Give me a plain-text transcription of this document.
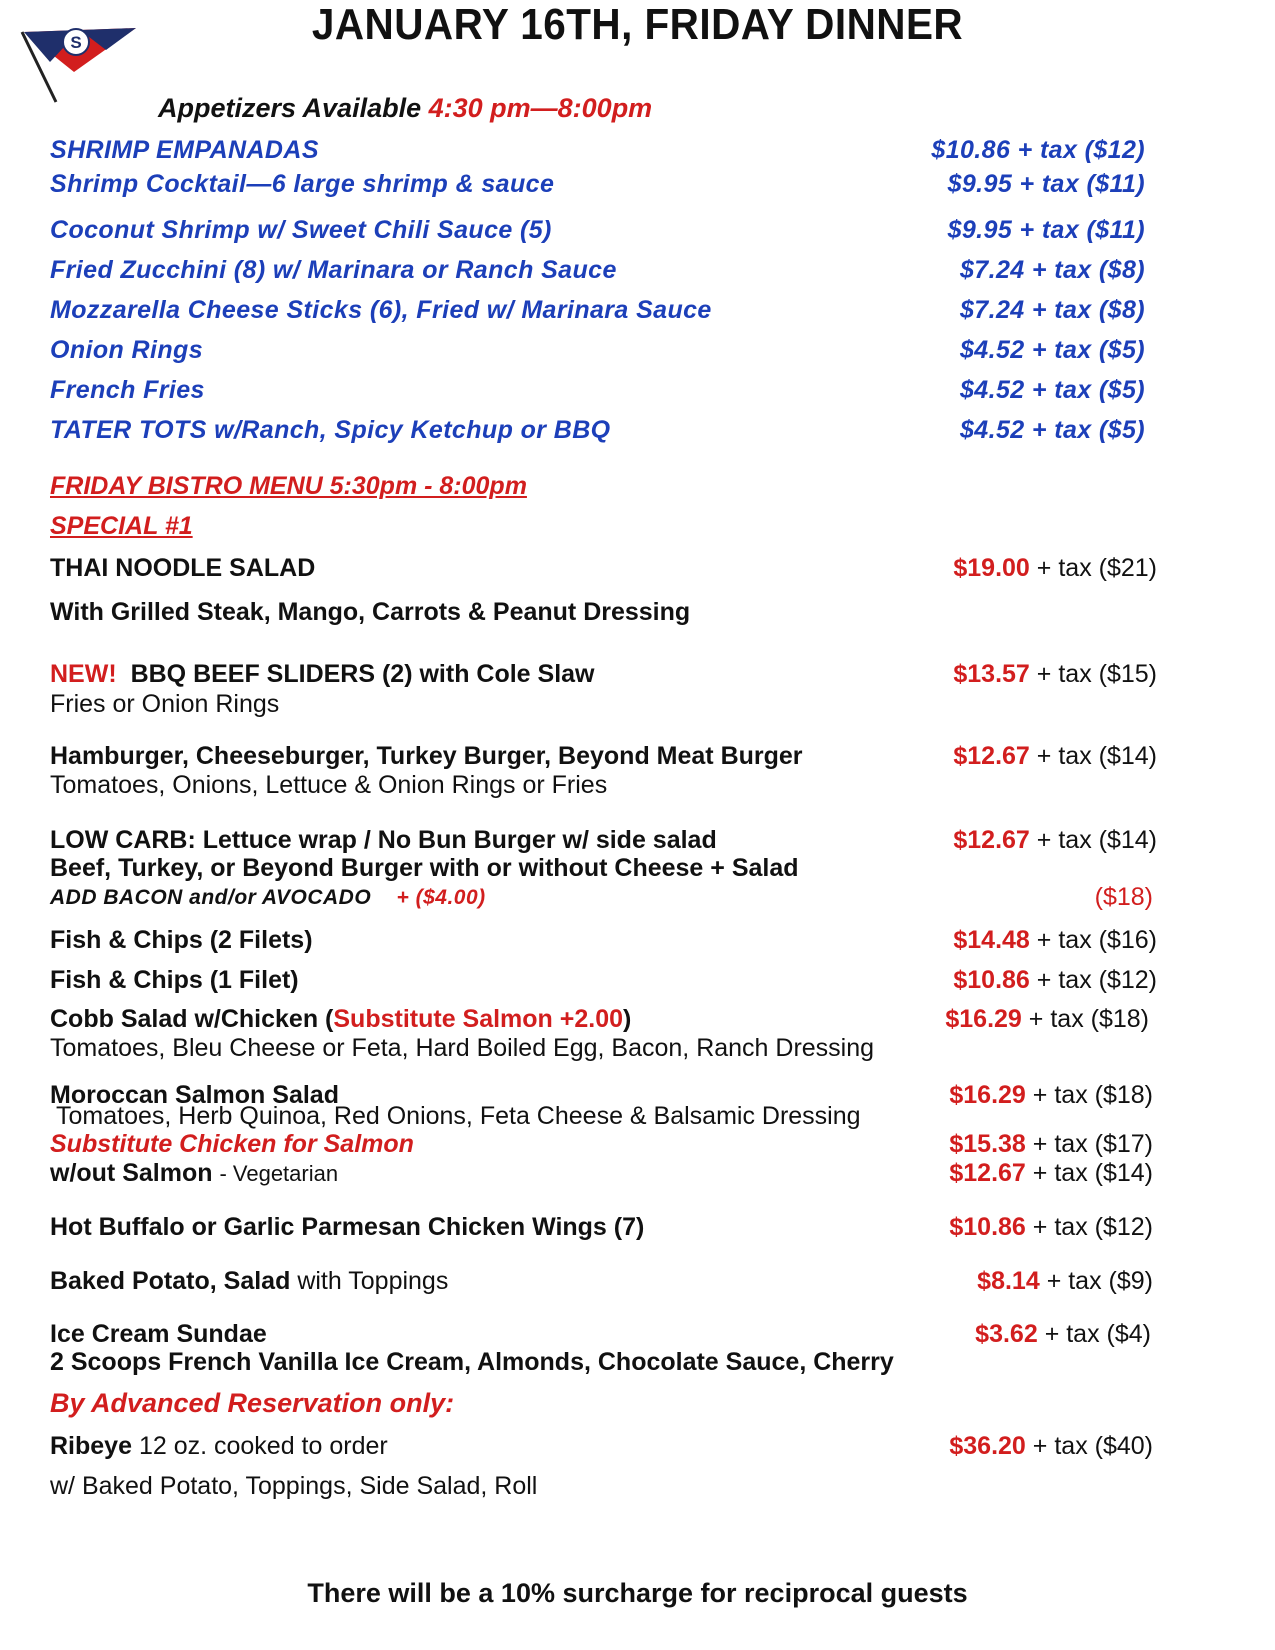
S	JANUARY 16TH, FRIDAY DINNER
Appetizers Available 4:30 pm—8:00pm
SHRIMP EMPANADAS	$10.86 + tax ($12)
Shrimp Cocktail—6 large shrimp & sauce	$9.95 + tax ($11)
Coconut Shrimp w/ Sweet Chili Sauce (5)	$9.95 + tax ($11)
Fried Zucchini (8) w/ Marinara or Ranch Sauce	$7.24 + tax ($8)
Mozzarella Cheese Sticks (6), Fried w/ Marinara Sauce	$7.24 + tax ($8)
Onion Rings	$4.52 + tax ($5)
French Fries	$4.52 + tax ($5)
TATER TOTS w/Ranch, Spicy Ketchup or BBQ	$4.52 + tax ($5)
FRIDAY BISTRO MENU 5:30pm - 8:00pm
SPECIAL #1
THAI NOODLE SALAD	$19.00 + tax ($21)
With Grilled Steak, Mango, Carrots & Peanut Dressing
NEW! BBQ BEEF SLIDERS (2) with Cole Slaw	$13.57 + tax ($15)
Fries or Onion Rings
Hamburger, Cheeseburger, Turkey Burger, Beyond Meat Burger	$12.67 + tax ($14)
Tomatoes, Onions, Lettuce & Onion Rings or Fries
LOW CARB: Lettuce wrap / No Bun Burger w/ side salad	$12.67 + tax ($14)
Beef, Turkey, or Beyond Burger with or without Cheese + Salad
ADD BACON and/or AVOCADO + ($4.00)	($18)
Fish & Chips (2 Filets)	$14.48 + tax ($16)
Fish & Chips (1 Filet)	$10.86 + tax ($12)
Cobb Salad w/Chicken (Substitute Salmon +2.00)	$16.29 + tax ($18)
Tomatoes, Bleu Cheese or Feta, Hard Boiled Egg, Bacon, Ranch Dressing
Moroccan Salmon Salad	$16.29 + tax ($18)
Tomatoes, Herb Quinoa, Red Onions, Feta Cheese & Balsamic Dressing
Substitute Chicken for Salmon	$15.38 + tax ($17)
w/out Salmon - Vegetarian	$12.67 + tax ($14)
Hot Buffalo or Garlic Parmesan Chicken Wings (7)	$10.86 + tax ($12)
Baked Potato, Salad with Toppings	$8.14 + tax ($9)
Ice Cream Sundae	$3.62 + tax ($4)
2 Scoops French Vanilla Ice Cream, Almonds, Chocolate Sauce, Cherry
By Advanced Reservation only:
Ribeye 12 oz. cooked to order	$36.20 + tax ($40)
w/ Baked Potato, Toppings, Side Salad, Roll
There will be a 10% surcharge for reciprocal guests
